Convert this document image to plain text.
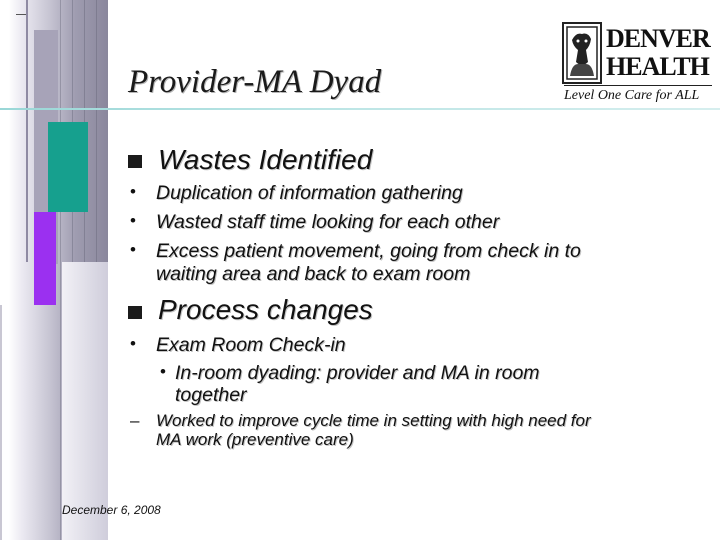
Provider-MA Dyad
DENVER
HEALTH
Level One Care for ALL
Wastes Identified
• Duplication of information gathering
• Wasted staff time looking for each other
• Excess patient movement, going from check in to
waiting area and back to exam room
Process changes
• Exam Room Check-in
• In-room dyading: provider and MA in room
together
– Worked to improve cycle time in setting with high need for
MA work (preventive care)
December 6, 2008
